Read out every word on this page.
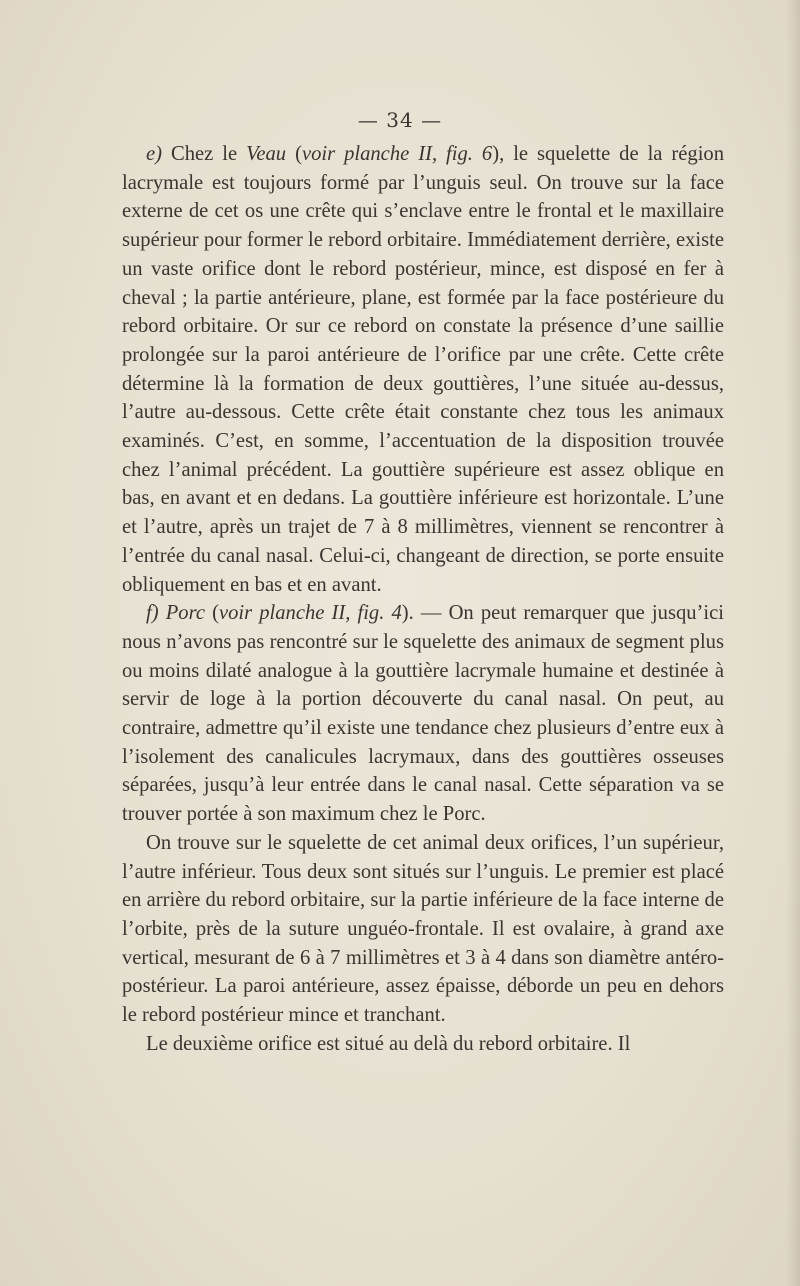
— 34 —

e) Chez le Veau (voir planche II, fig. 6), le squelette de la région lacrymale est toujours formé par l’unguis seul. On trouve sur la face externe de cet os une crête qui s’enclave entre le frontal et le maxillaire supérieur pour former le rebord orbitaire. Immédiatement derrière, existe un vaste orifice dont le rebord postérieur, mince, est disposé en fer à cheval ; la partie antérieure, plane, est formée par la face postérieure du rebord orbitaire. Or sur ce rebord on constate la présence d’une saillie prolongée sur la paroi antérieure de l’orifice par une crête. Cette crête détermine là la formation de deux gouttières, l’une située au-dessus, l’autre au-dessous. Cette crête était constante chez tous les animaux examinés. C’est, en somme, l’accentuation de la disposition trouvée chez l’animal précédent. La gouttière supérieure est assez oblique en bas, en avant et en dedans. La gouttière inférieure est horizontale. L’une et l’autre, après un trajet de 7 à 8 millimètres, viennent se rencontrer à l’entrée du canal nasal. Celui-ci, changeant de direction, se porte ensuite obliquement en bas et en avant.

f) Porc (voir planche II, fig. 4). — On peut remarquer que jusqu’ici nous n’avons pas rencontré sur le squelette des animaux de segment plus ou moins dilaté analogue à la gouttière lacrymale humaine et destinée à servir de loge à la portion découverte du canal nasal. On peut, au contraire, admettre qu’il existe une tendance chez plusieurs d’entre eux à l’isolement des canalicules lacrymaux, dans des gouttières osseuses séparées, jusqu’à leur entrée dans le canal nasal. Cette séparation va se trouver portée à son maximum chez le Porc.

On trouve sur le squelette de cet animal deux orifices, l’un supérieur, l’autre inférieur. Tous deux sont situés sur l’unguis. Le premier est placé en arrière du rebord orbitaire, sur la partie inférieure de la face interne de l’orbite, près de la suture unguéo-frontale. Il est ovalaire, à grand axe vertical, mesurant de 6 à 7 millimètres et 3 à 4 dans son diamètre antéro-postérieur. La paroi antérieure, assez épaisse, déborde un peu en dehors le rebord postérieur mince et tranchant.

Le deuxième orifice est situé au delà du rebord orbitaire. Il
